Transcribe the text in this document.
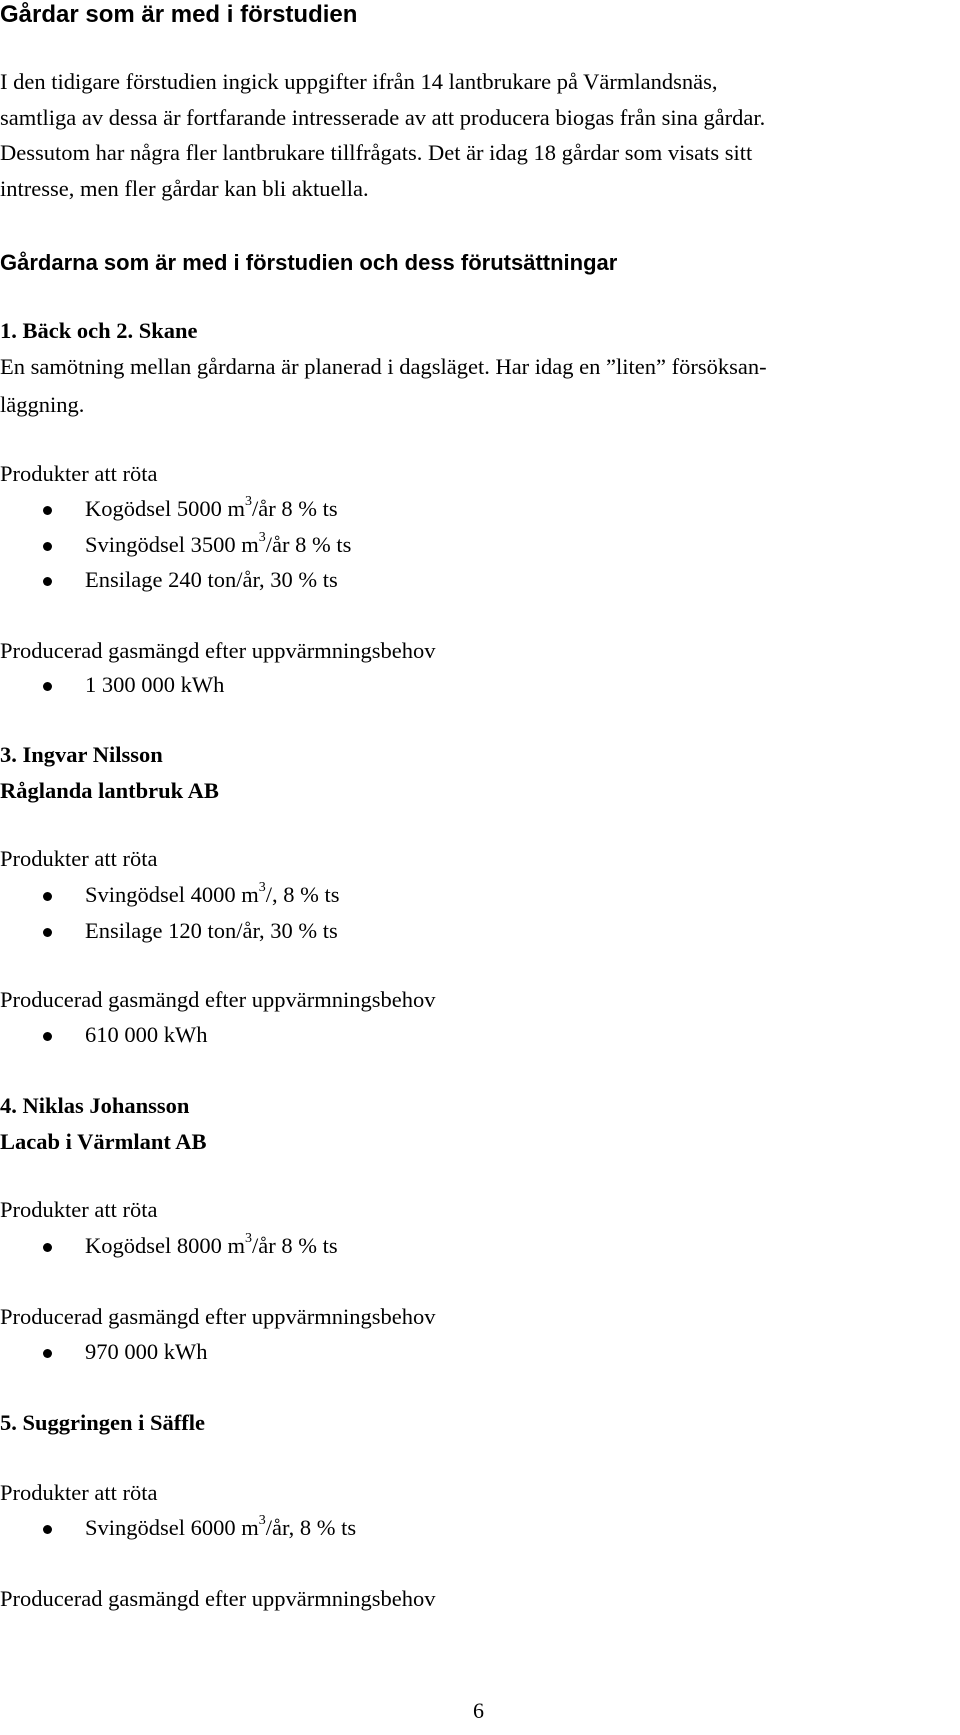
Gårdar som är med i förstudien
I den tidigare förstudien ingick uppgifter ifrån 14 lantbrukare på Värmlandsnäs,
samtliga av dessa är fortfarande intresserade av att producera biogas från sina gårdar.
Dessutom har några fler lantbrukare tillfrågats. Det är idag 18 gårdar som visats sitt
intresse, men fler gårdar kan bli aktuella.
Gårdarna som är med i förstudien och dess förutsättningar
1. Bäck och 2. Skane
En samötning mellan gårdarna är planerad i dagsläget. Har idag en ”liten” försöksan-
läggning.
Produkter att röta
Kogödsel 5000 $m^3/år$ 8 % ts
Svingödsel 3500 $m^3/år$ 8 % ts
Ensilage 240 ton/år, 30 % ts
Producerad gasmängd efter uppvärmningsbehov
1 300 000 kWh
3. Ingvar Nilsson
Råglanda lantbruk AB
Produkter att röta
Svingödsel 4000 $m^3/$, 8 % ts
Ensilage 120 ton/år, 30 % ts
Producerad gasmängd efter uppvärmningsbehov
610 000 kWh
4. Niklas Johansson
Lacab i Värmlant AB
Produkter att röta
Kogödsel 8000 $m^3/år$ 8 % ts
Producerad gasmängd efter uppvärmningsbehov
970 000 kWh
5. Suggringen i Säffle
Produkter att röta
Svingödsel 6000 $m^3/år$, 8 % ts
Producerad gasmängd efter uppvärmningsbehov
6
